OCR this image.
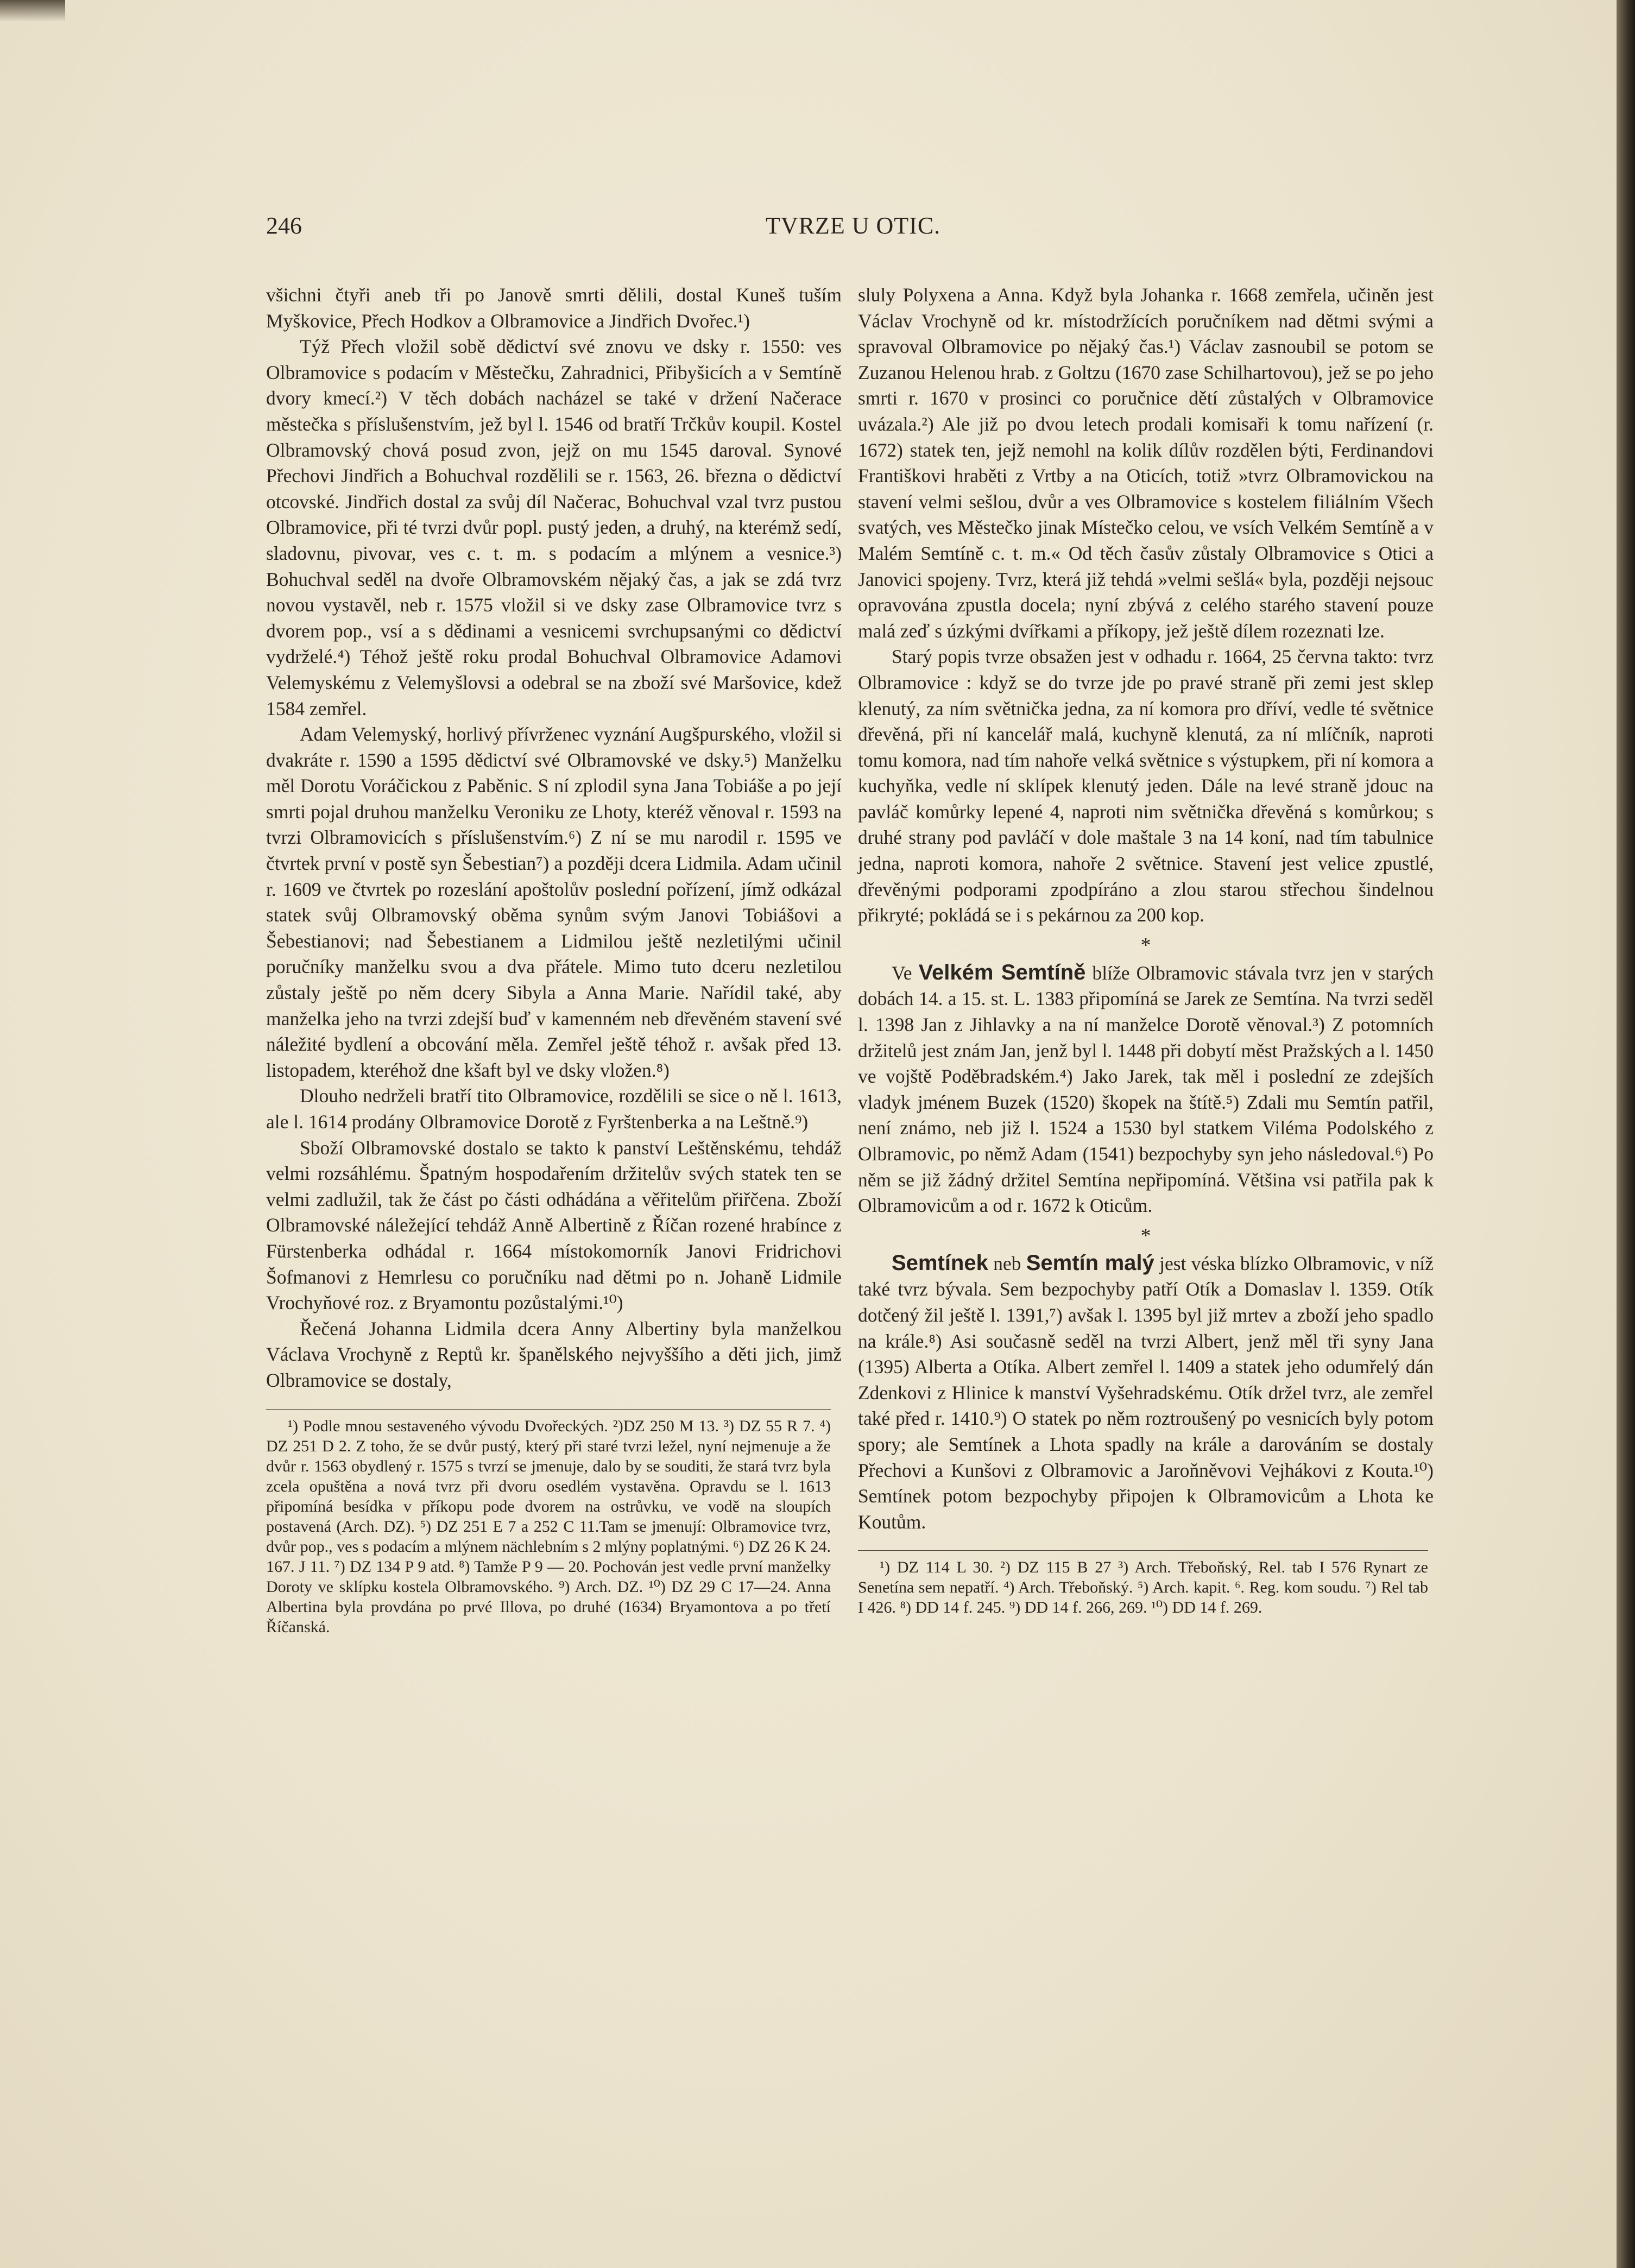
246	TVRZE U OTIC.

všichni čtyři aneb tři po Janově smrti dělili, dostal Kuneš tuším Myškovice, Přech Hodkov a Olbramovice a Jindřich Dvořec.¹)

Týž Přech vložil sobě dědictví své znovu ve dsky r. 1550: ves Olbramovice s podacím v Městečku, Zahradnici, Přibyšicích a v Semtíně dvory kmecí.²) V těch dobách nacházel se také v držení Načerace městečka s příslušenstvím, jež byl l. 1546 od bratří Trčkův koupil. Kostel Olbramovský chová posud zvon, jejž on mu 1545 daroval. Synové Přechovi Jindřich a Bohuchval rozdělili se r. 1563, 26. března o dědictví otcovské. Jindřich dostal za svůj díl Načerac, Bohuchval vzal tvrz pustou Olbramovice, při té tvrzi dvůr popl. pustý jeden, a druhý, na kterémž sedí, sladovnu, pivovar, ves c. t. m. s podacím a mlýnem a vesnice.³) Bohuchval seděl na dvoře Olbramovském nějaký čas, a jak se zdá tvrz novou vystavěl, neb r. 1575 vložil si ve dsky zase Olbramovice tvrz s dvorem pop., vsí a s dědinami a vesnicemi svrchupsanými co dědictví vydrželé.⁴) Téhož ještě roku prodal Bohuchval Olbramovice Adamovi Velemyskému z Velemyšlovsi a odebral se na zboží své Maršovice, kdež 1584 zemřel.

Adam Velemyský, horlivý přívrženec vyznání Augšpurského, vložil si dvakráte r. 1590 a 1595 dědictví své Olbramovské ve dsky.⁵) Manželku měl Dorotu Voráčickou z Paběnic. S ní zplodil syna Jana Tobiáše a po její smrti pojal druhou manželku Veroniku ze Lhoty, kteréž věnoval r. 1593 na tvrzi Olbramovicích s příslušenstvím.⁶) Z ní se mu narodil r. 1595 ve čtvrtek první v postě syn Šebestian⁷) a později dcera Lidmila. Adam učinil r. 1609 ve čtvrtek po rozeslání apoštolův poslední pořízení, jímž odkázal statek svůj Olbramovský oběma synům svým Janovi Tobiášovi a Šebestianovi; nad Šebestianem a Lidmilou ještě nezletilými učinil poručníky manželku svou a dva přátele. Mimo tuto dceru nezletilou zůstaly ještě po něm dcery Sibyla a Anna Marie. Nařídil také, aby manželka jeho na tvrzi zdejší buď v kamenném neb dřevěném stavení své náležité bydlení a obcování měla. Zemřel ještě téhož r. avšak před 13. listopadem, kteréhož dne kšaft byl ve dsky vložen.⁸)

Dlouho nedrželi bratří tito Olbramovice, rozdělili se sice o ně l. 1613, ale l. 1614 prodány Olbramovice Dorotě z Fyrštenberka a na Leštně.⁹)

Sboží Olbramovské dostalo se takto k panství Leštěnskému, tehdáž velmi rozsáhlému. Špatným hospodařením držitelův svých statek ten se velmi zadlužil, tak že část po části odhádána a věřitelům přiřčena. Zboží Olbramovské náležející tehdáž Anně Albertině z Říčan rozené hrabínce z Fürstenberka odhádal r. 1664 místokomorník Janovi Fridrichovi Šofmanovi z Hemrlesu co poručníku nad dětmi po n. Johaně Lidmile Vrochyňové roz. z Bryamontu pozůstalými.¹⁰)

Řečená Johanna Lidmila dcera Anny Albertiny byla manželkou Václava Vrochyně z Reptů kr. španělského nejvyššího a děti jich, jimž Olbramovice se dostaly,

¹) Podle mnou sestaveného vývodu Dvořeckých. ²)DZ 250 M 13. ³) DZ 55 R 7. ⁴) DZ 251 D 2. Z toho, že se dvůr pustý, který při staré tvrzi ležel, nyní nejmenuje a že dvůr r. 1563 obydlený r. 1575 s tvrzí se jmenuje, dalo by se souditi, že stará tvrz byla zcela opuštěna a nová tvrz při dvoru osedlém vystavěna. Opravdu se l. 1613 připomíná besídka v příkopu pode dvorem na ostrůvku, ve vodě na sloupích postavená (Arch. DZ). ⁵) DZ 251 E 7 a 252 C 11.Tam se jmenují: Olbramovice tvrz, dvůr pop., ves s podacím a mlýnem nächlebním s 2 mlýny poplatnými. ⁶) DZ 26 K 24. 167. J 11. ⁷) DZ 134 P 9 atd. ⁸) Tamže P 9 — 20. Pochován jest vedle první manželky Doroty ve sklípku kostela Olbramovského. ⁹) Arch. DZ. ¹⁰) DZ 29 C 17—24. Anna Albertina byla provdána po prvé Illova, po druhé (1634) Bryamontova a po třetí Říčanská.

sluly Polyxena a Anna. Když byla Johanka r. 1668 zemřela, učiněn jest Václav Vrochyně od kr. místodržících poručníkem nad dětmi svými a spravoval Olbramovice po nějaký čas.¹) Václav zasnoubil se potom se Zuzanou Helenou hrab. z Goltzu (1670 zase Schilhartovou), jež se po jeho smrti r. 1670 v prosinci co poručnice dětí zůstalých v Olbramovice uvázala.²) Ale již po dvou letech prodali komisaři k tomu nařízení (r. 1672) statek ten, jejž nemohl na kolik dílův rozdělen býti, Ferdinandovi Františkovi hraběti z Vrtby a na Oticích, totiž »tvrz Olbramovickou na stavení velmi sešlou, dvůr a ves Olbramovice s kostelem filiálním Všech svatých, ves Městečko jinak Místečko celou, ve vsích Velkém Semtíně a v Malém Semtíně c. t. m.« Od těch časův zůstaly Olbramovice s Otici a Janovici spojeny. Tvrz, která již tehdá »velmi sešlá« byla, později nejsouc opravována zpustla docela; nyní zbývá z celého starého stavení pouze malá zeď s úzkými dvířkami a příkopy, jež ještě dílem rozeznati lze.

Starý popis tvrze obsažen jest v odhadu r. 1664, 25 června takto: tvrz Olbramovice : když se do tvrze jde po pravé straně při zemi jest sklep klenutý, za ním světnička jedna, za ní komora pro dříví, vedle té světnice dřevěná, při ní kancelář malá, kuchyně klenutá, za ní mlíčník, naproti tomu komora, nad tím nahoře velká světnice s výstupkem, při ní komora a kuchyňka, vedle ní sklípek klenutý jeden. Dále na levé straně jdouc na pavláč komůrky lepené 4, naproti nim světnička dřevěná s komůrkou; s druhé strany pod pavláčí v dole maštale 3 na 14 koní, nad tím tabulnice jedna, naproti komora, nahoře 2 světnice. Stavení jest velice zpustlé, dřevěnými podporami zpodpíráno a zlou starou střechou šindelnou přikryté; pokládá se i s pekárnou za 200 kop.

*

Ve Velkém Semtíně blíže Olbramovic stávala tvrz jen v starých dobách 14. a 15. st. L. 1383 připomíná se Jarek ze Semtína. Na tvrzi seděl l. 1398 Jan z Jihlavky a na ní manželce Dorotě věnoval.³) Z potomních držitelů jest znám Jan, jenž byl l. 1448 při dobytí měst Pražských a l. 1450 ve vojště Poděbradském.⁴) Jako Jarek, tak měl i poslední ze zdejších vladyk jménem Buzek (1520) škopek na štítě.⁵) Zdali mu Semtín patřil, není známo, neb již l. 1524 a 1530 byl statkem Viléma Podolského z Olbramovic, po němž Adam (1541) bezpochyby syn jeho následoval.⁶) Po něm se již žádný držitel Semtína nepřipomíná. Většina vsi patřila pak k Olbramovicům a od r. 1672 k Oticům.

*

Semtínek neb Semtín malý jest véska blízko Olbramovic, v níž také tvrz bývala. Sem bezpochyby patří Otík a Domaslav l. 1359. Otík dotčený žil ještě l. 1391,⁷) avšak l. 1395 byl již mrtev a zboží jeho spadlo na krále.⁸) Asi současně seděl na tvrzi Albert, jenž měl tři syny Jana (1395) Alberta a Otíka. Albert zemřel l. 1409 a statek jeho odumřelý dán Zdenkovi z Hlinice k manství Vyšehradskému. Otík držel tvrz, ale zemřel také před r. 1410.⁹) O statek po něm roztroušený po vesnicích byly potom spory; ale Semtínek a Lhota spadly na krále a darováním se dostaly Přechovi a Kunšovi z Olbramovic a Jaroňněvovi Vejhákovi z Kouta.¹⁰) Semtínek potom bezpochyby připojen k Olbramovicům a Lhota ke Koutům.

¹) DZ 114 L 30. ²) DZ 115 B 27 ³) Arch. Třeboňský, Rel. tab I 576 Rynart ze Senetína sem nepatří. ⁴) Arch. Třeboňský. ⁵) Arch. kapit. ⁶. Reg. kom soudu. ⁷) Rel tab I 426. ⁸) DD 14 f. 245. ⁹) DD 14 f. 266, 269. ¹⁰) DD 14 f. 269.
